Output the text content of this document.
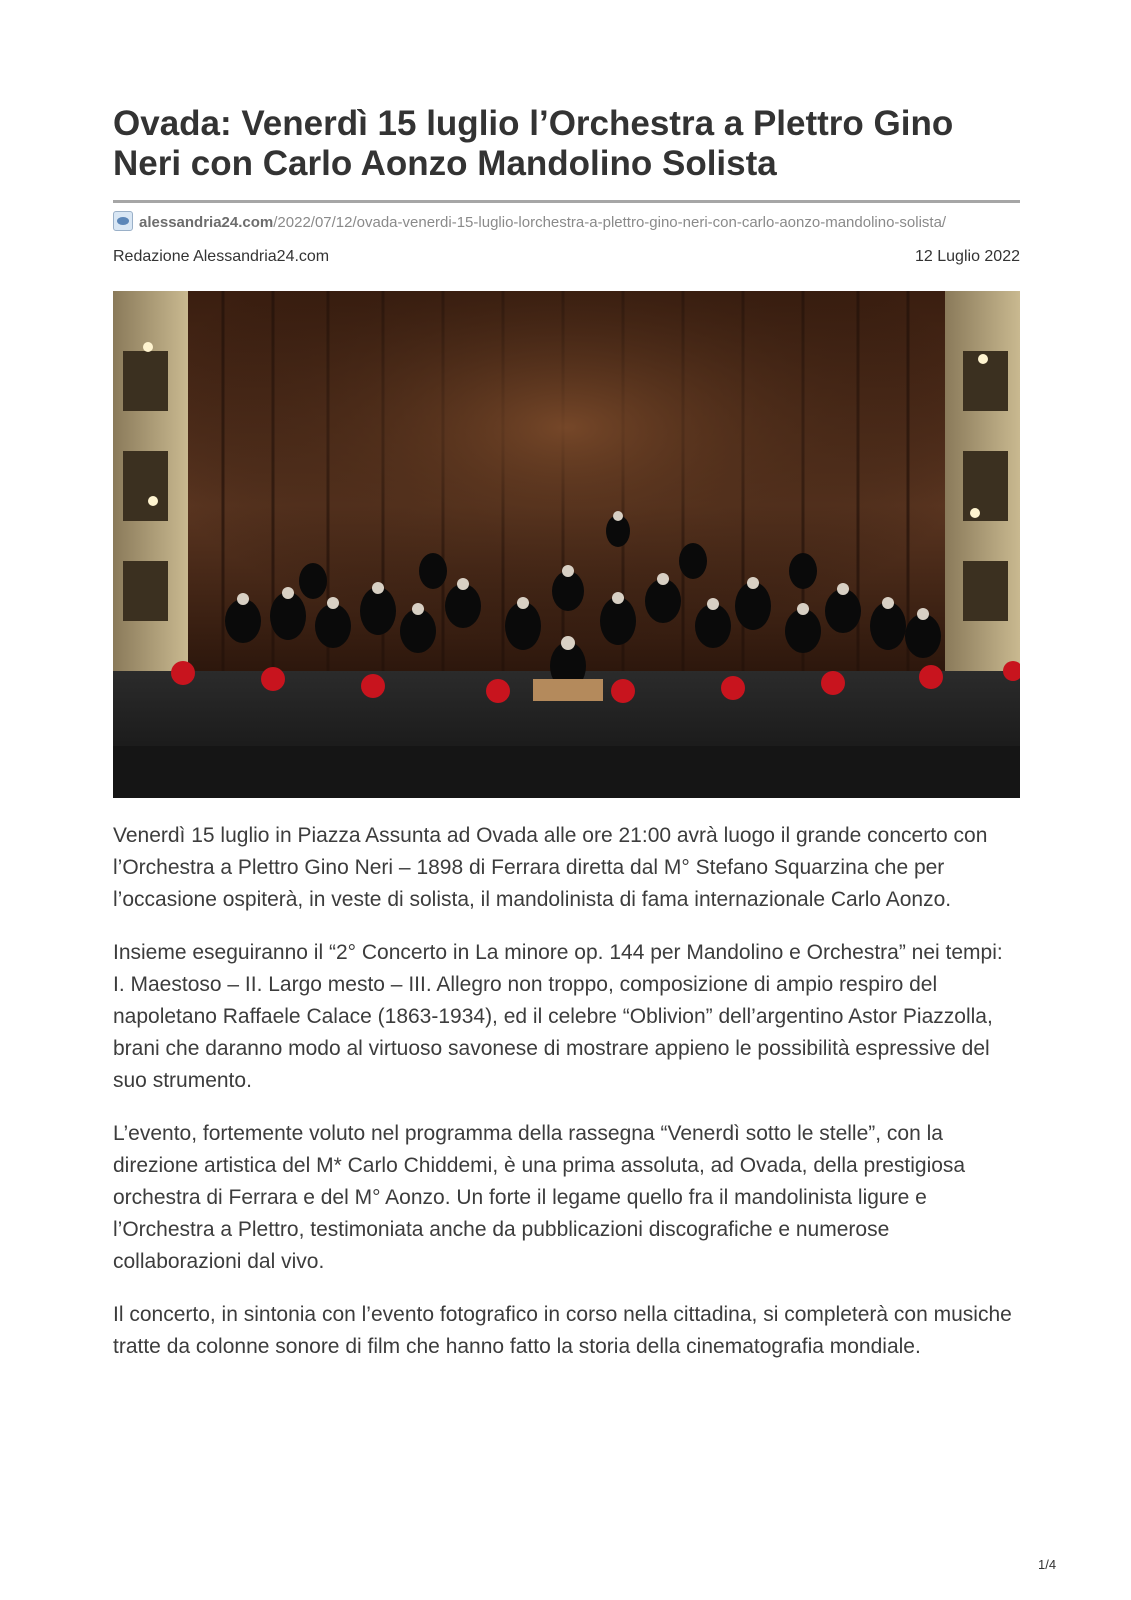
Ovada: Venerdì 15 luglio l’Orchestra a Plettro Gino Neri con Carlo Aonzo Mandolino Solista
alessandria24.com/2022/07/12/ovada-venerdi-15-luglio-lorchestra-a-plettro-gino-neri-con-carlo-aonzo-mandolino-solista/
Redazione Alessandria24.com	12 Luglio 2022

Venerdì 15 luglio in Piazza Assunta ad Ovada alle ore 21:00 avrà luogo il grande concerto con l’Orchestra a Plettro Gino Neri – 1898 di Ferrara diretta dal M° Stefano Squarzina che per l’occasione ospiterà, in veste di solista, il mandolinista di fama internazionale Carlo Aonzo.

Insieme eseguiranno il “2° Concerto in La minore op. 144 per Mandolino e Orchestra” nei tempi: I. Maestoso – II. Largo mesto – III. Allegro non troppo, composizione di ampio respiro del napoletano Raffaele Calace (1863-1934), ed il celebre “Oblivion” dell’argentino Astor Piazzolla, brani che daranno modo al virtuoso savonese di mostrare appieno le possibilità espressive del suo strumento.

L’evento, fortemente voluto nel programma della rassegna “Venerdì sotto le stelle”, con la direzione artistica del M* Carlo Chiddemi, è una prima assoluta, ad Ovada, della prestigiosa orchestra di Ferrara e del M° Aonzo. Un forte il legame quello fra il mandolinista ligure e l’Orchestra a Plettro, testimoniata anche da pubblicazioni discografiche e numerose collaborazioni dal vivo.

Il concerto, in sintonia con l’evento fotografico in corso nella cittadina, si completerà con musiche tratte da colonne sonore di film che hanno fatto la storia della cinematografia mondiale.

1/4
